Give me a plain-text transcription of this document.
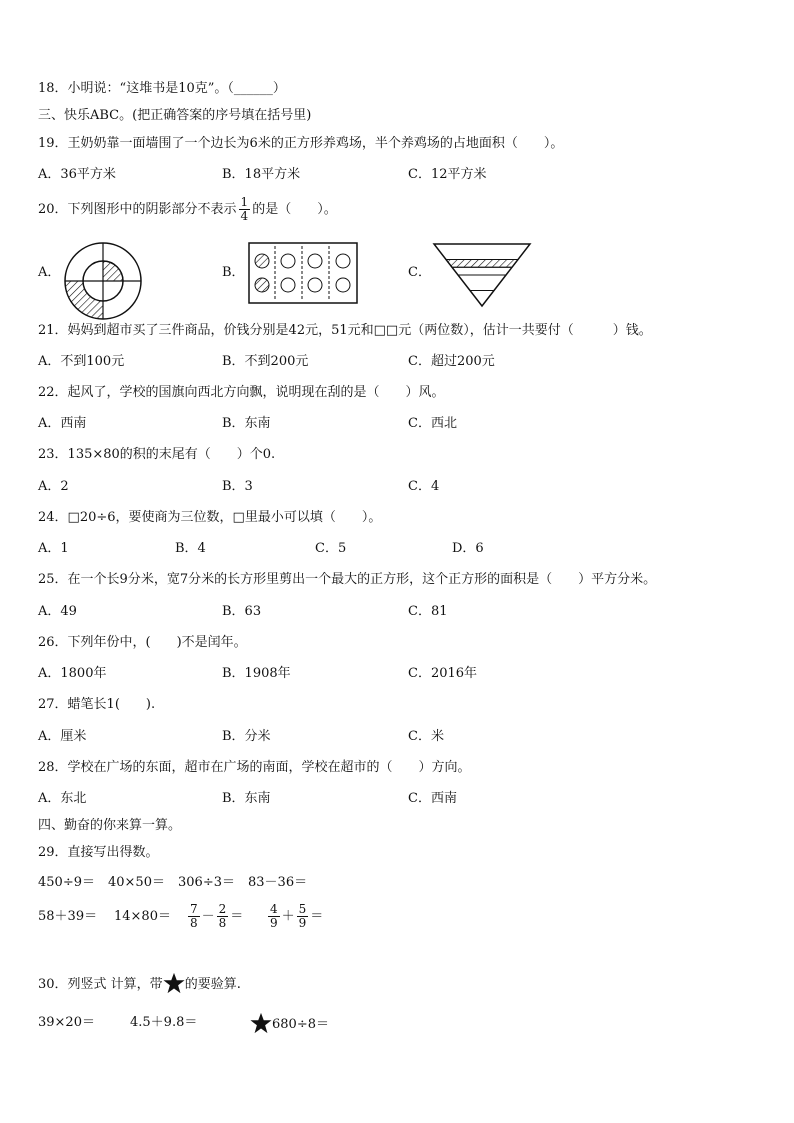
18．小明说：“这堆书是10克”。（______）
三、快乐ABC。(把正确答案的序号填在括号里)
19．王奶奶靠一面墙围了一个边长为6米的正方形养鸡场，半个养鸡场的占地面积（　　）。
A．36平方米	B．18平方米	C．12平方米
20．下列图形中的阴影部分不表示 $\frac{1}{4}$ 的是（　　）。
A．	B．	C．
21．妈妈到超市买了三件商品，价钱分别是42元，51元和□□元（两位数），估计一共要付（　　　）钱。
A．不到100元	B．不到200元	C．超过200元
22．起风了，学校的国旗向西北方向飘，说明现在刮的是（　　）风。
A．西南	B．东南	C．西北
23．135×80的积的末尾有（　　）个0.
A．2	B．3	C．4
24．□20÷6，要使商为三位数，□里最小可以填（　　）。
A．1	B．4	C．5	D．6
25．在一个长9分米，宽7分米的长方形里剪出一个最大的正方形，这个正方形的面积是（　　）平方分米。
A．49	B．63	C．81
26．下列年份中，(　　)不是闰年。
A．1800年	B．1908年	C．2016年
27．蜡笔长1(　　).
A．厘米	B．分米	C．米
28．学校在广场的东面，超市在广场的南面，学校在超市的（　　）方向。
A．东北	B．东南	C．西南
四、勤奋的你来算一算。
29．直接写出得数。
450÷9＝ 40×50＝ 306÷3＝ 83－36＝
$58+39= 14\times 80= \frac{7}{8} - \frac{2}{8} = \frac{4}{9} + \frac{5}{9}$ ＝
30．列竖式 计算，带 的要验算.
39×20＝	4.5＋9.8＝	680÷8＝
